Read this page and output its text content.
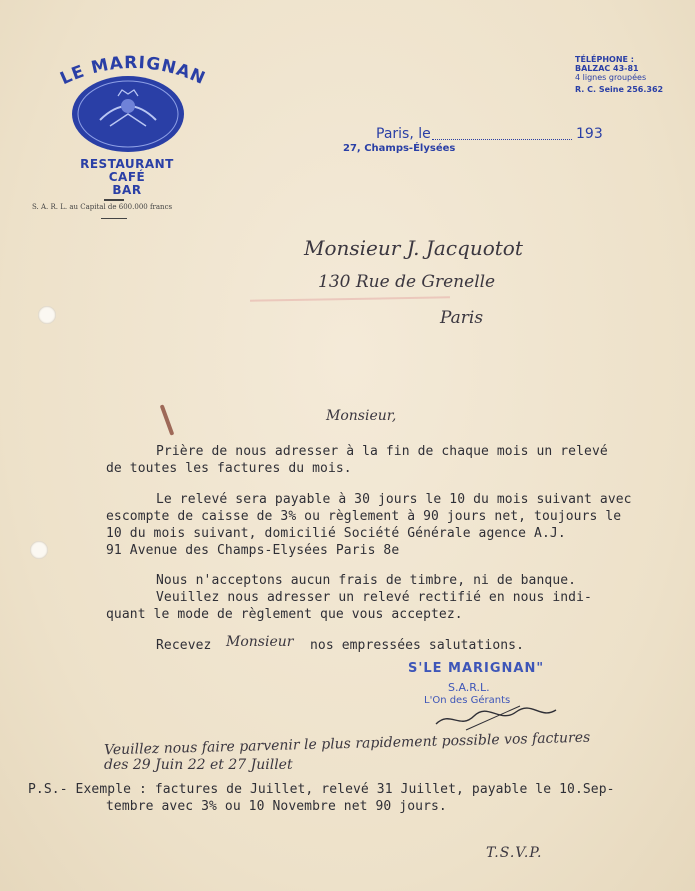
LE MARIGNAN
RESTAURANT
CAFÉ
BAR
S. A. R. L. au Capital de 600.000 francs
TÉLÉPHONE :
BALZAC 43-81
4 lignes groupées
R. C. Seine 256.362
Paris, le	193
27, Champs-Élysées
Monsieur J. Jacquotot
130 Rue de Grenelle
Paris
Monsieur,
Prière de nous adresser à la fin de chaque mois un relevé

de toutes les factures du mois.
Le relevé sera payable à 30 jours le 10 du mois suivant avec
escompte de caisse de 3% ou règlement à 90 jours net, toujours le
10 du mois suivant, domicilié Société Générale agence A.J.
91 Avenue des Champs-Elysées Paris 8e
Nous n'acceptons aucun frais de timbre, ni de banque.
Veuillez nous adresser un relevé rectifié en nous indi-
quant le mode de règlement que vous acceptez.
Recevez Monsieur nos empressées salutations.
S'LE MARIGNAN"
S.A.R.L.
L'On des Gérants
Veuillez nous faire parvenir le plus rapidement possible vos factures
des 29 Juin 22 et 27 Juillet
P.S.- Exemple : factures de Juillet, relevé 31 Juillet, payable le 10.Sep-
tembre avec 3% ou 10 Novembre net 90 jours.
T.S.V.P.
